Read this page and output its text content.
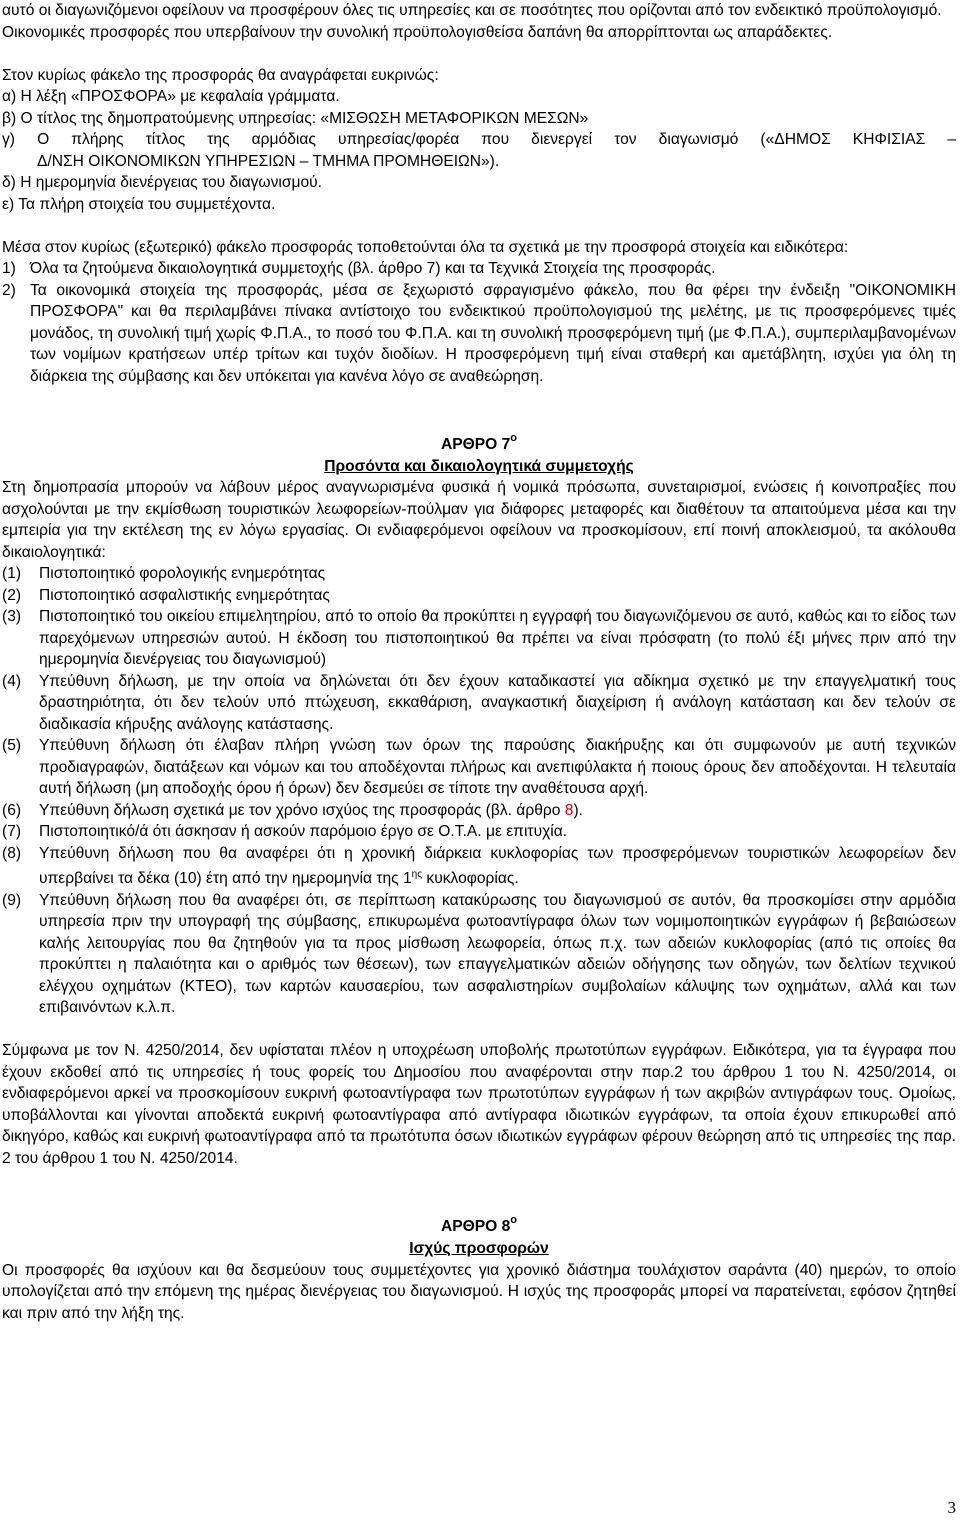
αυτό οι διαγωνιζόμενοι οφείλουν να προσφέρουν όλες τις υπηρεσίες και σε ποσότητες που ορίζονται από τον ενδεικτικό προϋπολογισμό.

Οικονομικές προσφορές που υπερβαίνουν την συνολική προϋπολογισθείσα δαπάνη θα απορρίπτονται ως απαράδεκτες.

Στον κυρίως φάκελο της προσφοράς θα αναγράφεται ευκρινώς:

α) Η λέξη «ΠΡΟΣΦΟΡΑ» με κεφαλαία γράμματα.

β) Ο τίτλος της δημοπρατούμενης υπηρεσίας: «ΜΙΣΘΩΣΗ ΜΕΤΑΦΟΡΙΚΩΝ ΜΕΣΩΝ»

γ) Ο πλήρης τίτλος της αρμόδιας υπηρεσίας/φορέα που διενεργεί τον διαγωνισμό («ΔΗΜΟΣ ΚΗΦΙΣΙΑΣ –

Δ/ΝΣΗ ΟΙΚΟΝΟΜΙΚΩΝ ΥΠΗΡΕΣΙΩΝ – ΤΜΗΜΑ ΠΡΟΜΗΘΕΙΩΝ»).

δ) Η ημερομηνία διενέργειας του διαγωνισμού.

ε) Τα πλήρη στοιχεία του συμμετέχοντα.

Μέσα στον κυρίως (εξωτερικό) φάκελο προσφοράς τοποθετούνται όλα τα σχετικά με την προσφορά στοιχεία και ειδικότερα:

1) Όλα τα ζητούμενα δικαιολογητικά συμμετοχής (βλ. άρθρο 7) και τα Τεχνικά Στοιχεία της προσφοράς.
2) Τα οικονομικά στοιχεία της προσφοράς, μέσα σε ξεχωριστό σφραγισμένο φάκελο, που θα φέρει την ένδειξη "ΟΙΚΟΝΟΜΙΚΗ ΠΡΟΣΦΟΡΑ" και θα περιλαμβάνει πίνακα αντίστοιχο του ενδεικτικού προϋπολογισμού της μελέτης, με τις προσφερόμενες τιμές μονάδος, τη συνολική τιμή χωρίς Φ.Π.Α., το ποσό του Φ.Π.Α. και τη συνολική προσφερόμενη τιμή (με Φ.Π.Α.), συμπεριλαμβανομένων των νομίμων κρατήσεων υπέρ τρίτων και τυχόν διοδίων. Η προσφερόμενη τιμή είναι σταθερή και αμετάβλητη, ισχύει για όλη τη διάρκεια της σύμβασης και δεν υπόκειται για κανένα λόγο σε αναθεώρηση.

ΑΡΘΡΟ $7^o$

Προσόντα και δικαιολογητικά συμμετοχής

Στη δημοπρασία μπορούν να λάβουν μέρος αναγνωρισμένα φυσικά ή νομικά πρόσωπα, συνεταιρισμοί, ενώσεις ή κοινοπραξίες που ασχολούνται με την εκμίσθωση τουριστικών λεωφορείων-πούλμαν για διάφορες μεταφορές και διαθέτουν τα απαιτούμενα μέσα και την εμπειρία για την εκτέλεση της εν λόγω εργασίας. Οι ενδιαφερόμενοι οφείλουν να προσκομίσουν, επί ποινή αποκλεισμού, τα ακόλουθα δικαιολογητικά:

(1)	Πιστοποιητικό φορολογικής ενημερότητας
(2)	Πιστοποιητικό ασφαλιστικής ενημερότητας
(3)	Πιστοποιητικό του οικείου επιμελητηρίου, από το οποίο θα προκύπτει η εγγραφή του διαγωνιζόμενου σε αυτό, καθώς και το είδος των παρεχόμενων υπηρεσιών αυτού. Η έκδοση του πιστοποιητικού θα πρέπει να είναι πρόσφατη (το πολύ έξι μήνες πριν από την ημερομηνία διενέργειας του διαγωνισμού)
(4)	Υπεύθυνη δήλωση, με την οποία να δηλώνεται ότι δεν έχουν καταδικαστεί για αδίκημα σχετικό με την επαγγελματική τους δραστηριότητα, ότι δεν τελούν υπό πτώχευση, εκκαθάριση, αναγκαστική διαχείριση ή ανάλογη κατάσταση και δεν τελούν σε διαδικασία κήρυξης ανάλογης κατάστασης.
(5)	Υπεύθυνη δήλωση ότι έλαβαν πλήρη γνώση των όρων της παρούσης διακήρυξης και ότι συμφωνούν με αυτή τεχνικών προδιαγραφών, διατάξεων και νόμων και του αποδέχονται πλήρως και ανεπιφύλακτα ή ποιους όρους δεν αποδέχονται. Η τελευταία αυτή δήλωση (μη αποδοχής όρου ή όρων) δεν δεσμεύει σε τίποτε την αναθέτουσα αρχή.
(6)	Υπεύθυνη δήλωση σχετικά με τον χρόνο ισχύος της προσφοράς (βλ. άρθρο 8).
(7)	Πιστοποιητικό/ά ότι άσκησαν ή ασκούν παρόμοιο έργο σε Ο.Τ.Α. με επιτυχία.
(8)	Υπεύθυνη δήλωση που θα αναφέρει ότι η χρονική διάρκεια κυκλοφορίας των προσφερόμενων τουριστικών λεωφορείων δεν υπερβαίνει τα δέκα (10) έτη από την ημερομηνία της $1^{\eta\varsigma}$ κυκλοφορίας.
(9)	Υπεύθυνη δήλωση που θα αναφέρει ότι, σε περίπτωση κατακύρωσης του διαγωνισμού σε αυτόν, θα προσκομίσει στην αρμόδια υπηρεσία πριν την υπογραφή της σύμβασης, επικυρωμένα φωτοαντίγραφα όλων των νομιμοποιητικών εγγράφων ή βεβαιώσεων καλής λειτουργίας που θα ζητηθούν για τα προς μίσθωση λεωφορεία, όπως π.χ. των αδειών κυκλοφορίας (από τις οποίες θα προκύπτει η παλαιότητα και ο αριθμός των θέσεων), των επαγγελματικών αδειών οδήγησης των οδηγών, των δελτίων τεχνικού ελέγχου οχημάτων (ΚΤΕΟ), των καρτών καυσαερίου, των ασφαλιστηρίων συμβολαίων κάλυψης των οχημάτων, αλλά και των επιβαινόντων κ.λ.π.

Σύμφωνα με τον Ν. 4250/2014, δεν υφίσταται πλέον η υποχρέωση υποβολής πρωτοτύπων εγγράφων. Ειδικότερα, για τα έγγραφα που έχουν εκδοθεί από τις υπηρεσίες ή τους φορείς του Δημοσίου που αναφέρονται στην παρ.2 του άρθρου 1 του Ν. 4250/2014, οι ενδιαφερόμενοι αρκεί να προσκομίσουν ευκρινή φωτοαντίγραφα των πρωτοτύπων εγγράφων ή των ακριβών αντιγράφων τους. Ομοίως, υποβάλλονται και γίνονται αποδεκτά ευκρινή φωτοαντίγραφα από αντίγραφα ιδιωτικών εγγράφων, τα οποία έχουν επικυρωθεί από δικηγόρο, καθώς και ευκρινή φωτοαντίγραφα από τα πρωτότυπα όσων ιδιωτικών εγγράφων φέρουν θεώρηση από τις υπηρεσίες της παρ. 2 του άρθρου 1 του Ν. 4250/2014.

ΑΡΘΡΟ $8^o$

Ισχύς προσφορών

Οι προσφορές θα ισχύουν και θα δεσμεύουν τους συμμετέχοντες για χρονικό διάστημα τουλάχιστον σαράντα (40) ημερών, το οποίο υπολογίζεται από την επόμενη της ημέρας διενέργειας του διαγωνισμού. Η ισχύς της προσφοράς μπορεί να παρατείνεται, εφόσον ζητηθεί και πριν από την λήξη της.

3
